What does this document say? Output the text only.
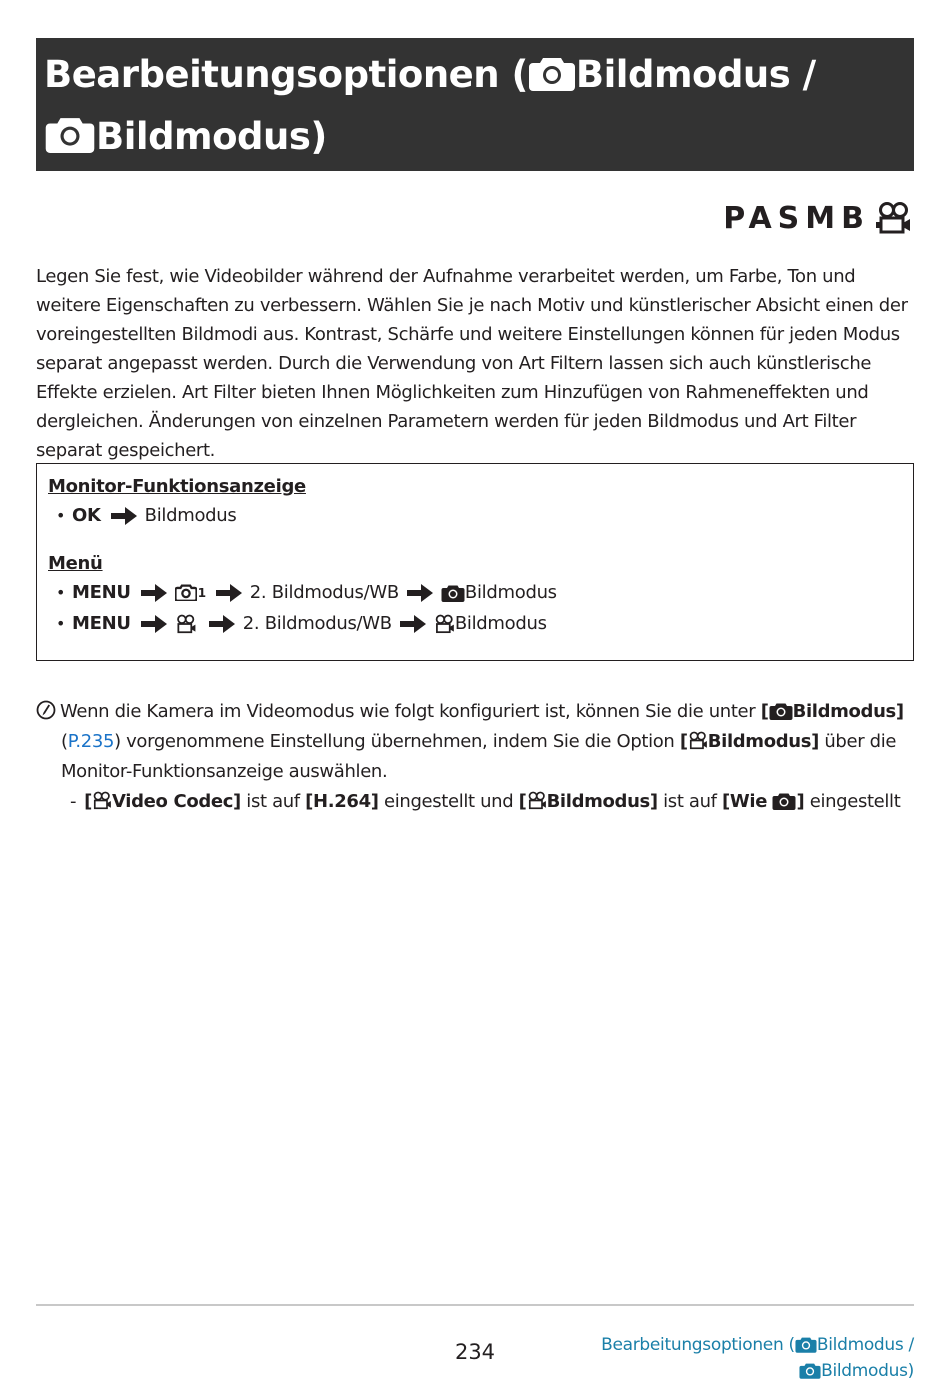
Bearbeitungsoptionen ( Bildmodus /
Bildmodus)
PASMB

Legen Sie fest, wie Videobilder während der Aufnahme verarbeitet werden, um Farbe, Ton und weitere Eigenschaften zu verbessern. Wählen Sie je nach Motiv und künstlerischer Absicht einen der voreingestellten Bildmodi aus. Kontrast, Schärfe und weitere Einstellungen können für jeden Modus separat angepasst werden. Durch die Verwendung von Art Filtern lassen sich auch künstlerische Effekte erzielen. Art Filter bieten Ihnen Möglichkeiten zum Hinzufügen von Rahmeneffekten und dergleichen. Änderungen von einzelnen Parametern werden für jeden Bildmodus und Art Filter separat gespeichert.

Monitor-Funktionsanzeige
• OK Bildmodus
Menü
• MENU	1 2. Bildmodus/WB	Bildmodus
• MENU	2. Bildmodus/WB	Bildmodus
Wenn die Kamera im Videomodus wie folgt konfiguriert ist, können Sie die unter [ Bildmodus]
(P.235) vorgenommene Einstellung übernehmen, indem Sie die Option [ Bildmodus] über die
Monitor-Funktionsanzeige auswählen.
- [ Video Codec] ist auf [H.264] eingestellt und [ Bildmodus] ist auf [Wie ] eingestellt
234	Bearbeitungsoptionen ( Bildmodus /
Bildmodus)
